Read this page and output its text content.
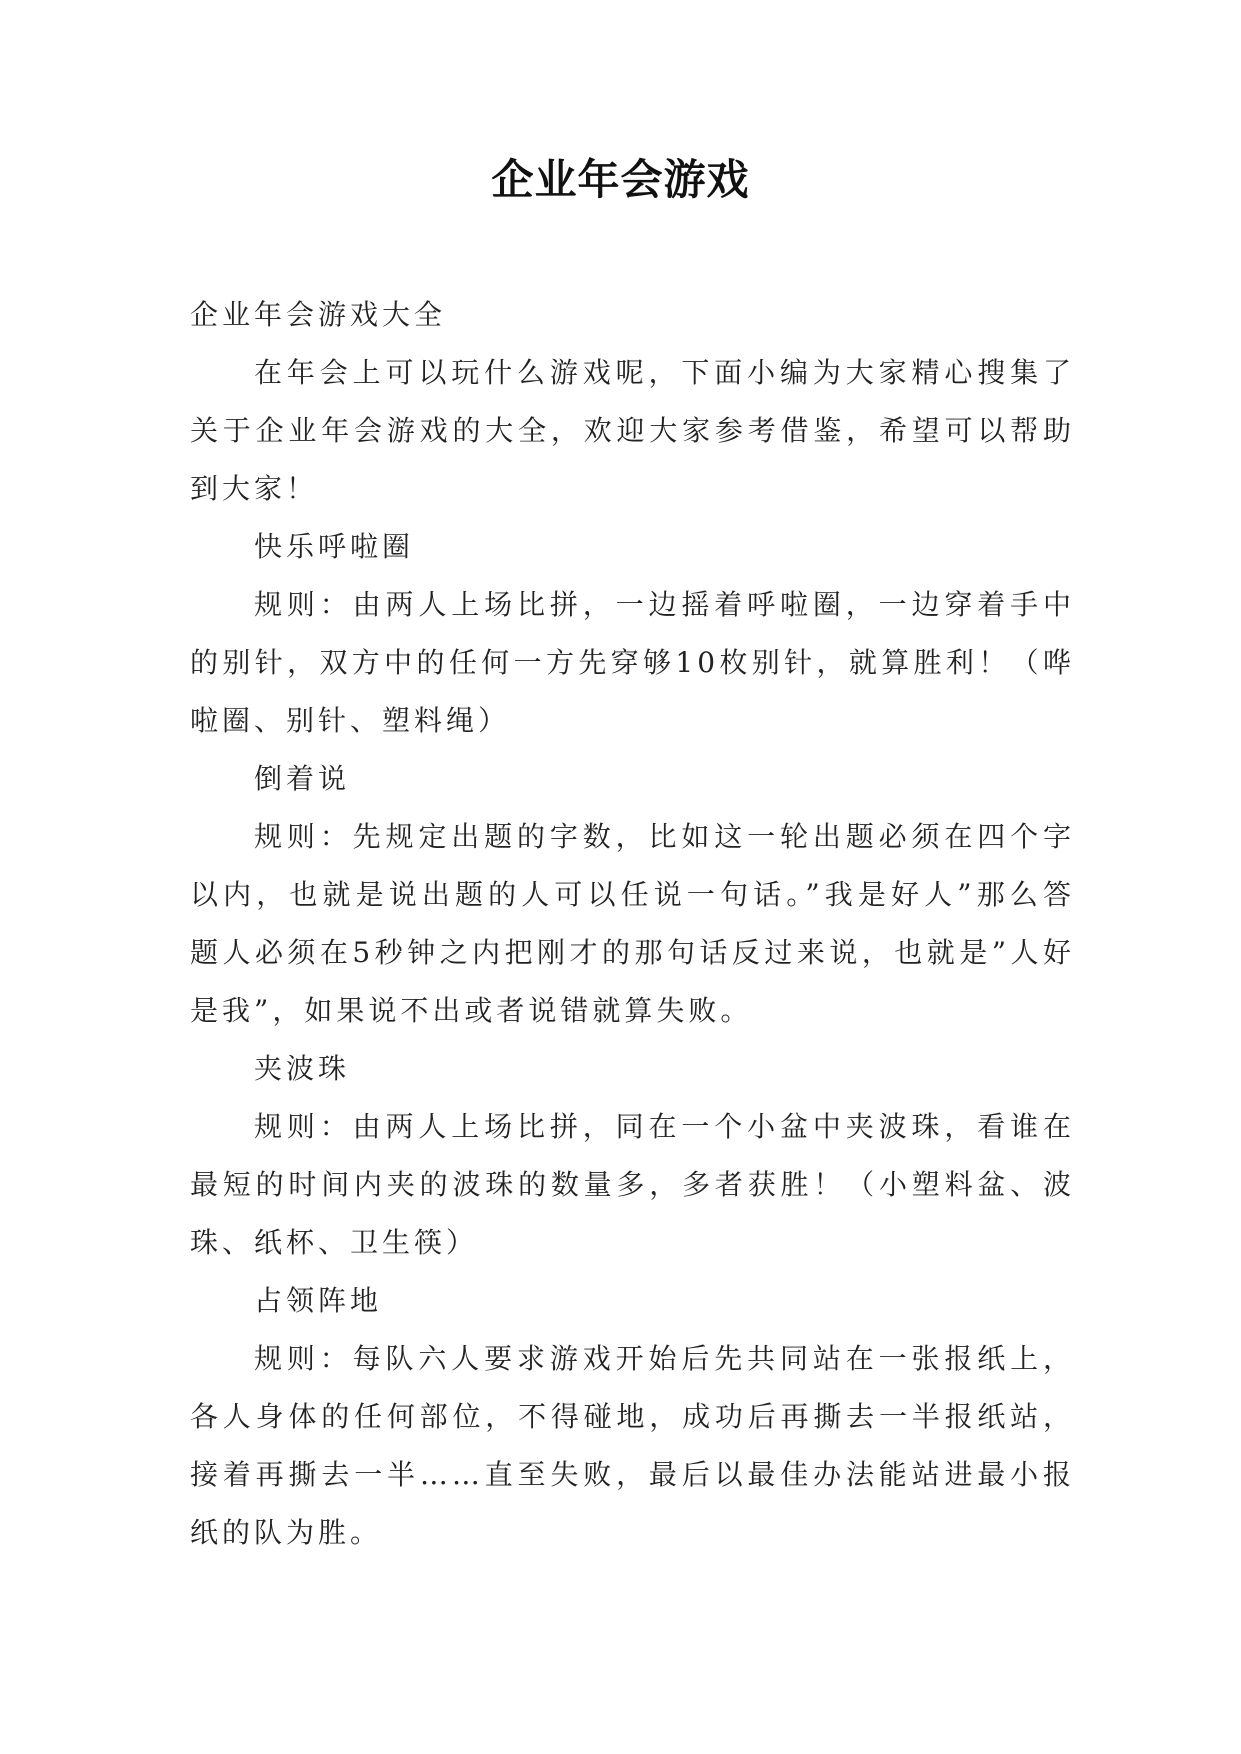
企业年会游戏

企业年会游戏大全

在年会上可以玩什么游戏呢，下面小编为大家精心搜集了关于企业年会游戏的大全，欢迎大家参考借鉴，希望可以帮助到大家！

快乐呼啦圈

规则：由两人上场比拼，一边摇着呼啦圈，一边穿着手中的别针，双方中的任何一方先穿够10枚别针，就算胜利！（哗啦圈、别针、塑料绳）

倒着说

规则：先规定出题的字数，比如这一轮出题必须在四个字以内，也就是说出题的人可以任说一句话。”我是好人”那么答题人必须在5秒钟之内把刚才的那句话反过来说，也就是”人好是我”，如果说不出或者说错就算失败。

夹波珠

规则：由两人上场比拼，同在一个小盆中夹波珠，看谁在最短的时间内夹的波珠的数量多，多者获胜！（小塑料盆、波珠、纸杯、卫生筷）

占领阵地

规则：每队六人要求游戏开始后先共同站在一张报纸上，各人身体的任何部位，不得碰地，成功后再撕去一半报纸站，接着再撕去一半……直至失败，最后以最佳办法能站进最小报纸的队为胜。
